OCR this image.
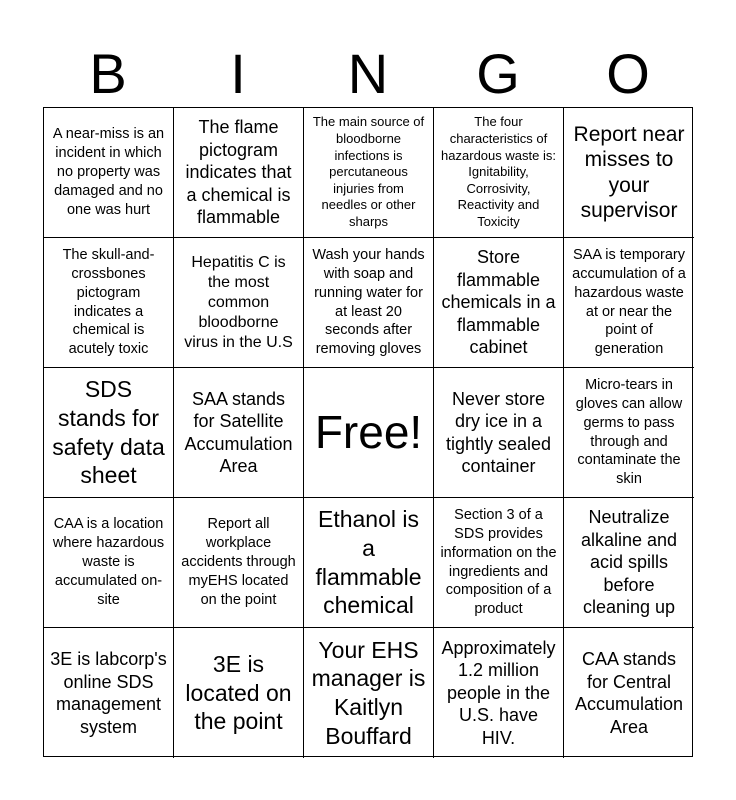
B	I	N	G	O
A near-miss is an incident in which no property was damaged and no one was hurt
The flame pictogram indicates that a chemical is flammable
The main source of bloodborne infections is percutaneous injuries from needles or other sharps
The four characteristics of hazardous waste is: Ignitability, Corrosivity, Reactivity and Toxicity
Report near misses to your supervisor
The skull-and-crossbones pictogram indicates a chemical is acutely toxic
Hepatitis C is the most common bloodborne virus in the U.S
Wash your hands with soap and running water for at least 20 seconds after removing gloves
Store flammable chemicals in a flammable cabinet
SAA is temporary accumulation of a hazardous waste at or near the point of generation
SDS stands for safety data sheet
SAA stands for Satellite Accumulation Area
Free!
Never store dry ice in a tightly sealed container
Micro-tears in gloves can allow germs to pass through and contaminate the skin
CAA is a location where hazardous waste is accumulated on-site
Report all workplace accidents through myEHS located on the point
Ethanol is a flammable chemical
Section 3 of a SDS provides information on the ingredients and composition of a product
Neutralize alkaline and acid spills before cleaning up
3E is labcorp's online SDS management system
3E is located on the point
Your EHS manager is Kaitlyn Bouffard
Approximately 1.2 million people in the U.S. have HIV.
CAA stands for Central Accumulation Area
